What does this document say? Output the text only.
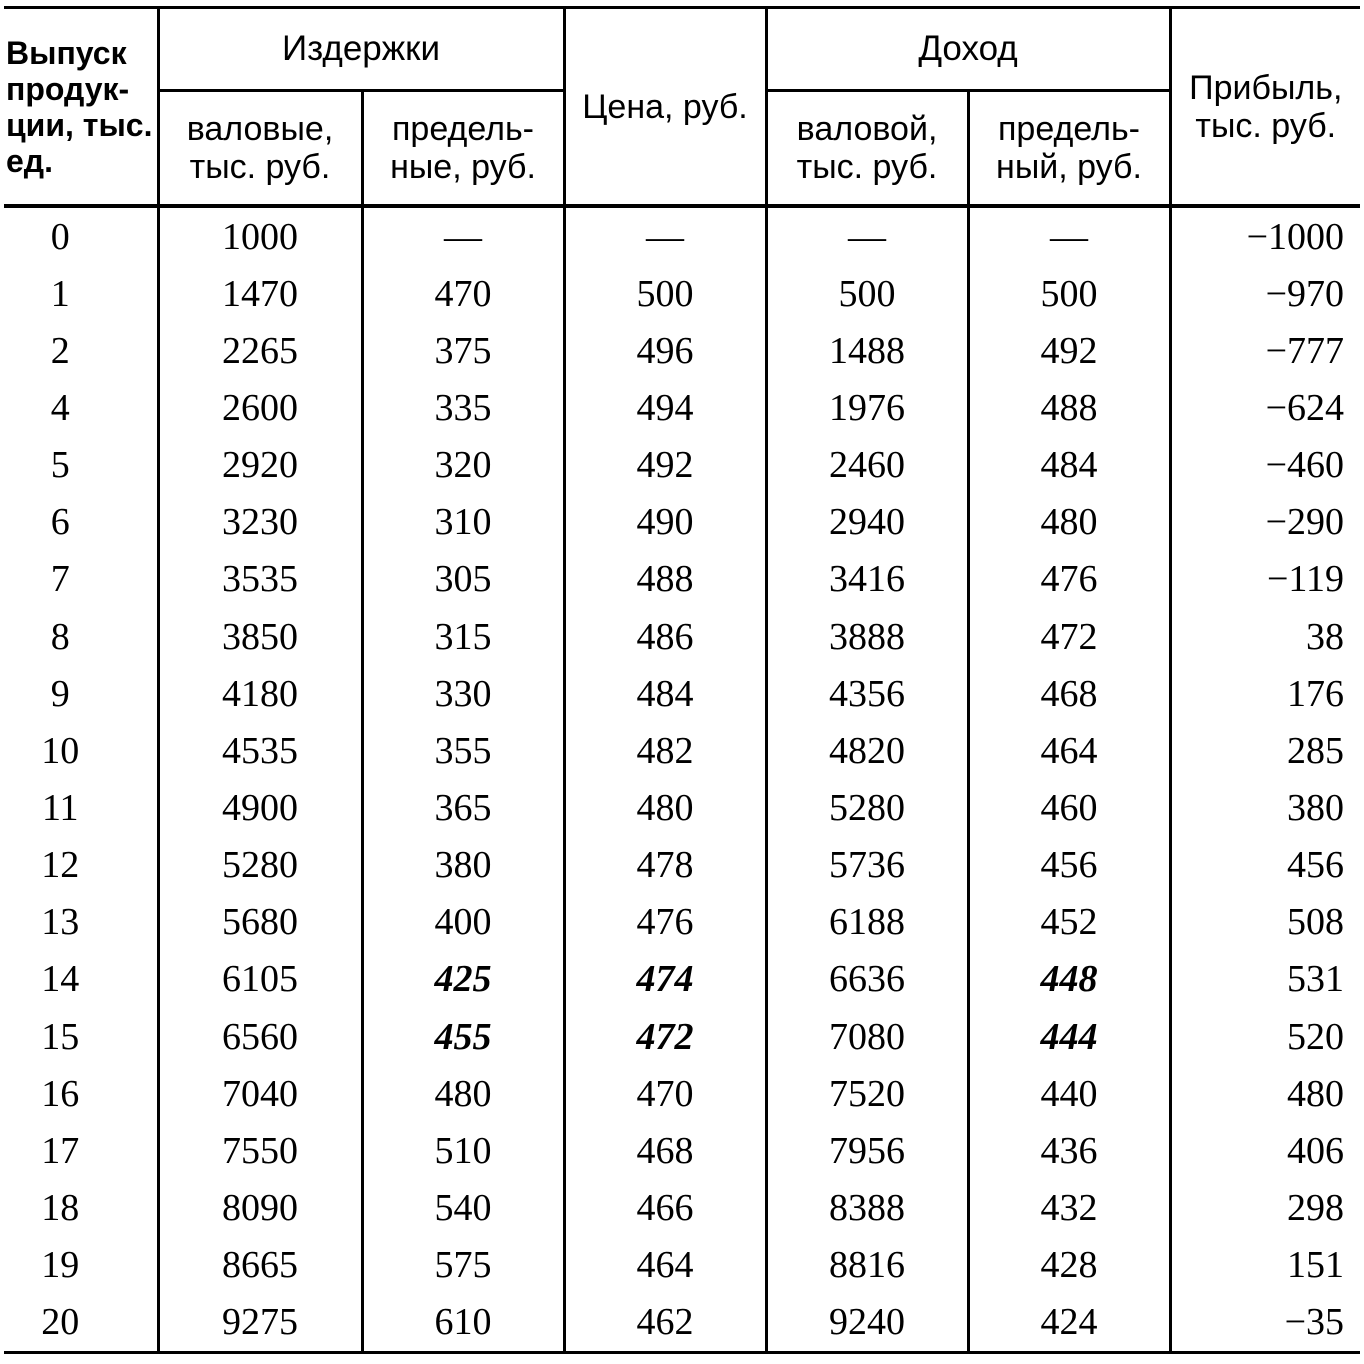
Выпуск продук- ции, тыс. ед.	Издержки		Цена, руб.	Доход		Прибыль, тыс. руб.
	валовые, тыс. руб.	предель- ные, руб.		валовой, тыс. руб.	предель- ный, руб.	
0	1000	—	—	—	—	−1000
1	1470	470	500	500	500	−970
2	2265	375	496	1488	492	−777
4	2600	335	494	1976	488	−624
5	2920	320	492	2460	484	−460
6	3230	310	490	2940	480	−290
7	3535	305	488	3416	476	−119
8	3850	315	486	3888	472	38
9	4180	330	484	4356	468	176
10	4535	355	482	4820	464	285
11	4900	365	480	5280	460	380
12	5280	380	478	5736	456	456
13	5680	400	476	6188	452	508
14	6105	425	474	6636	448	531
15	6560	455	472	7080	444	520
16	7040	480	470	7520	440	480
17	7550	510	468	7956	436	406
18	8090	540	466	8388	432	298
19	8665	575	464	8816	428	151
20	9275	610	462	9240	424	−35
